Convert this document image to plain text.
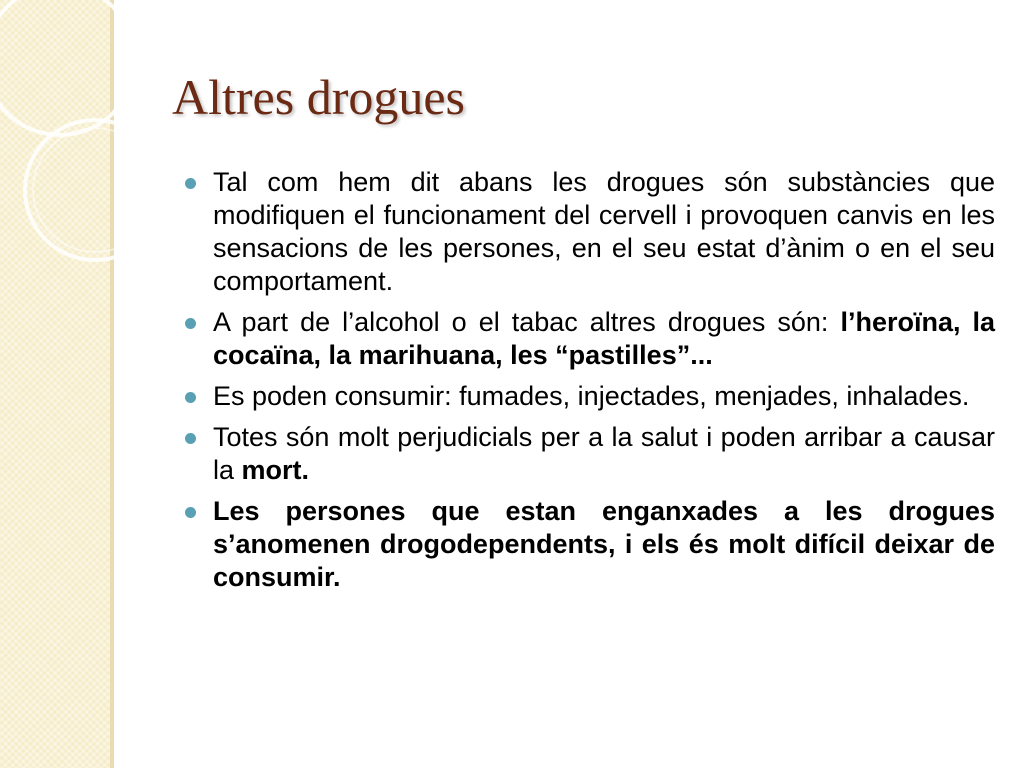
Altres drogues
Tal com hem dit abans les drogues són substàncies que modifiquen el funcionament del cervell i provoquen canvis en les sensacions de les persones, en el seu estat d’ànim o en el seu comportament.
A part de l’alcohol o el tabac altres drogues són: l’heroïna, la cocaïna, la marihuana, les “pastilles”...
Es poden consumir: fumades, injectades, menjades, inhalades.
Totes són molt perjudicials per a la salut i poden arribar a causar la mort.
Les persones que estan enganxades a les drogues s’anomenen drogodependents, i els és molt difícil deixar de consumir.
